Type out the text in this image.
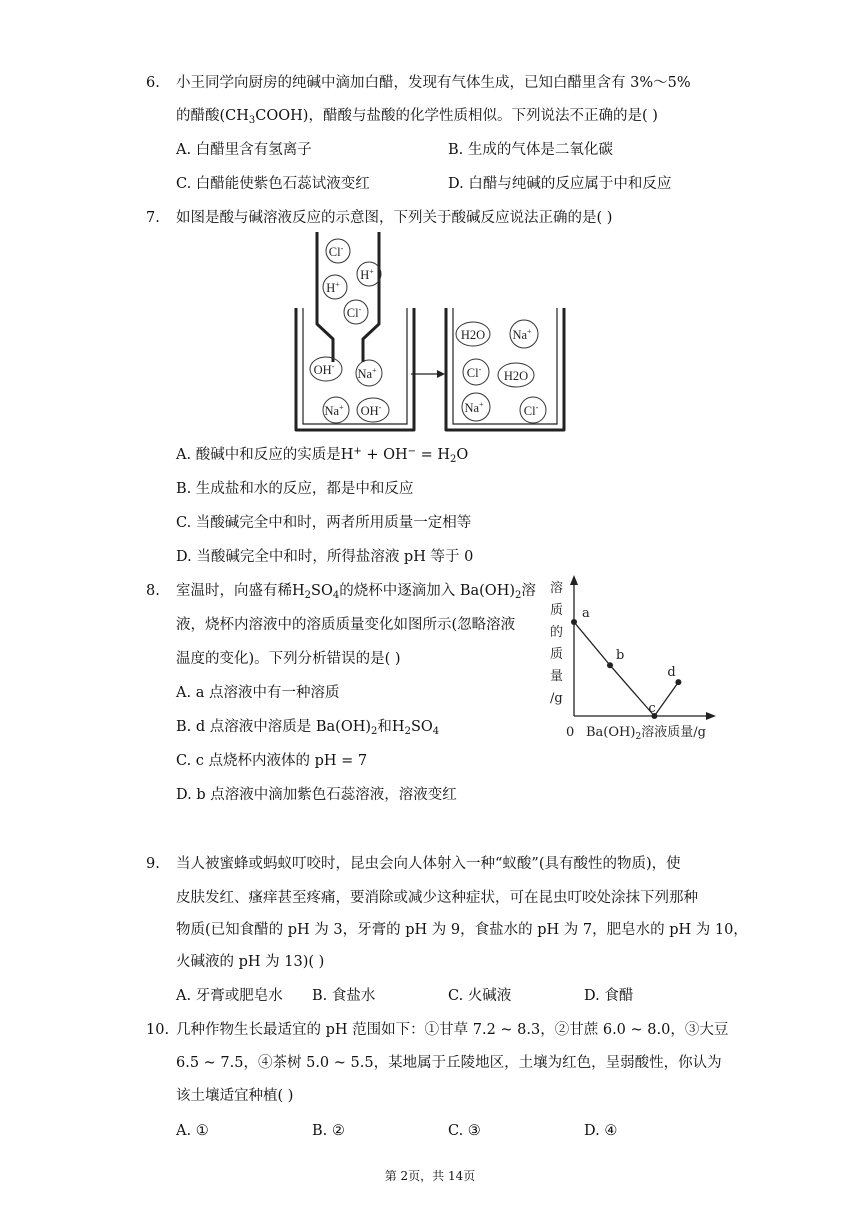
6. 小王同学向厨房的纯碱中滴加白醋，发现有气体生成，已知白醋里含有 3%～5%
的醋酸$(CH_3COOH)$，醋酸与盐酸的化学性质相似。下列说法不正确的是( )
A. 白醋里含有氢离子	B. 生成的气体是二氧化碳
C. 白醋能使紫色石蕊试液变红	D. 白醋与纯碱的反应属于中和反应
7. 如图是酸与碱溶液反应的示意图，下列关于酸碱反应说法正确的是( )
Cl-
H+
H+
Cl-
OH-
Na+
Na+ OH-
H2O Na+
Cl- H2O
Na+	Cl-
A. 酸碱中和反应的实质是$H^+ + OH^- = H_2O$
B. 生成盐和水的反应，都是中和反应
C. 当酸碱完全中和时，两者所用质量一定相等
D. 当酸碱完全中和时，所得盐溶液 pH 等于 0
8. 室温时，向盛有稀$H_2SO_4$的烧杯中逐滴加入 $Ba(OH)_2$溶
液，烧杯内溶液中的溶质质量变化如图所示(忽略溶液
温度的变化)。下列分析错误的是( )
A. a 点溶液中有一种溶质
B. d 点溶液中溶质是 $Ba(OH)_2$和$H_2SO_4$
C. c 点烧杯内液体的 pH = 7
D. b 点溶液中滴加紫色石蕊溶液，溶液变红
溶
质
的
质
量
/g
0 $Ba(OH)_2$溶液质量/g
a
b
c
d
9. 当人被蜜蜂或蚂蚁叮咬时，昆虫会向人体射入一种“蚁酸”(具有酸性的物质)，使
皮肤发红、瘙痒甚至疼痛，要消除或减少这种症状，可在昆虫叮咬处涂抹下列那种
物质(已知食醋的 pH 为 3，牙膏的 pH 为 9，食盐水的 pH 为 7，肥皂水的 pH 为 10，
火碱液的 pH 为 13)( )
A. 牙膏或肥皂水 B. 食盐水	C. 火碱液	D. 食醋
10. 几种作物生长最适宜的 pH 范围如下：①甘草 7.2 ~ 8.3，②甘蔗 6.0 ~ 8.0，③大豆
6.5 ~ 7.5，④茶树 5.0 ~ 5.5，某地属于丘陵地区，土壤为红色，呈弱酸性，你认为
该土壤适宜种植( )
A. ①	B. ②	C. ③	D. ④
第 2页，共 14页
